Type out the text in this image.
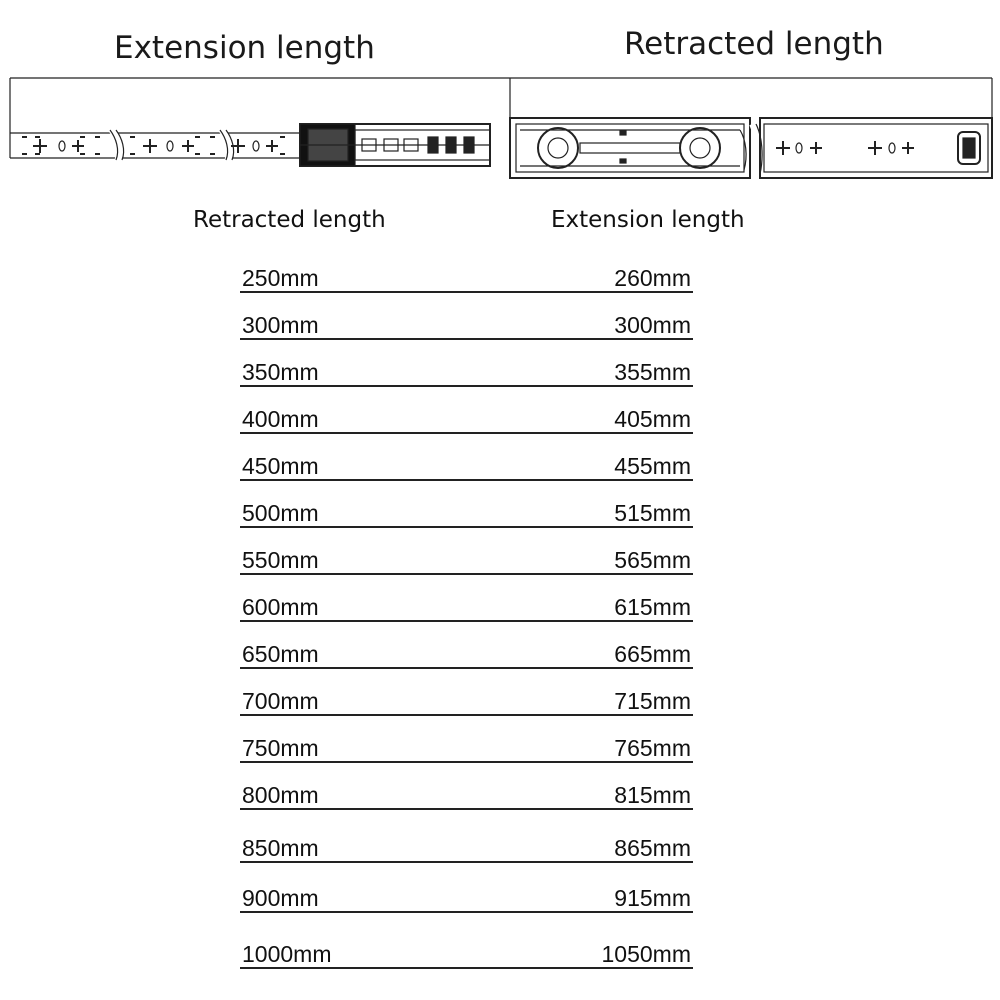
Extension length	Retracted length
Retracted length	Extension length
250mm	260mm
300mm	300mm
350mm	355mm
400mm	405mm
450mm	455mm
500mm	515mm
550mm	565mm
600mm	615mm
650mm	665mm
700mm	715mm
750mm	765mm
800mm	815mm
850mm	865mm
900mm	915mm
1000mm	1050mm
